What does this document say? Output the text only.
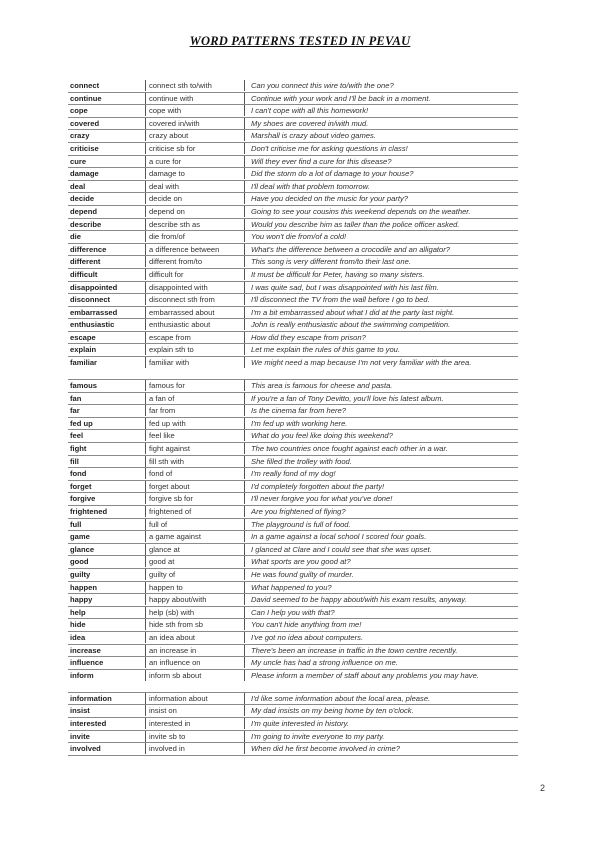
WORD PATTERNS TESTED IN PEVAU
connect	connect sth to/with	Can you connect this wire to/with the one?
continue	continue with	Continue with your work and I'll be back in a moment.
cope	cope with	I can't cope with all this homework!
covered	covered in/with	My shoes are covered in/with mud.
crazy	crazy about	Marshall is crazy about video games.
criticise	criticise sb for	Don't criticise me for asking questions in class!
cure	a cure for	Will they ever find a cure for this disease?
damage	damage to	Did the storm do a lot of damage to your house?
deal	deal with	I'll deal with that problem tomorrow.
decide	decide on	Have you decided on the music for your party?
depend	depend on	Going to see your cousins this weekend depends on the weather.
describe	describe sth as	Would you describe him as taller than the police officer asked.
die	die from/of	You won't die from/of a cold!
difference	a difference between	What's the difference between a crocodile and an alligator?
different	different from/to	This song is very different from/to their last one.
difficult	difficult for	It must be difficult for Peter, having so many sisters.
disappointed	disappointed with	I was quite sad, but I was disappointed with his last film.
disconnect	disconnect sth from	I'll disconnect the TV from the wall before I go to bed.
embarrassed	embarrassed about	I'm a bit embarrassed about what I did at the party last night.
enthusiastic	enthusiastic about	John is really enthusiastic about the swimming competition.
escape	escape from	How did they escape from prison?
explain	explain sth to	Let me explain the rules of this game to you.
familiar	familiar with	We might need a map because I'm not very familiar with the area.
famous	famous for	This area is famous for cheese and pasta.
fan	a fan of	If you're a fan of Tony Devitto, you'll love his latest album.
far	far from	Is the cinema far from here?
fed up	fed up with	I'm fed up with working here.
feel	feel like	What do you feel like doing this weekend?
fight	fight against	The two countries once fought against each other in a war.
fill	fill sth with	She filled the trolley with food.
fond	fond of	I'm really fond of my dog!
forget	forget about	I'd completely forgotten about the party!
forgive	forgive sb for	I'll never forgive you for what you've done!
frightened	frightened of	Are you frightened of flying?
full	full of	The playground is full of food.
game	a game against	In a game against a local school I scored four goals.
glance	glance at	I glanced at Clare and I could see that she was upset.
good	good at	What sports are you good at?
guilty	guilty of	He was found guilty of murder.
happen	happen to	What happened to you?
happy	happy about/with	David seemed to be happy about/with his exam results, anyway.
help	help (sb) with	Can I help you with that?
hide	hide sth from sb	You can't hide anything from me!
idea	an idea about	I've got no idea about computers.
increase	an increase in	There's been an increase in traffic in the town centre recently.
influence	an influence on	My uncle has had a strong influence on me.
inform	inform sb about	Please inform a member of staff about any problems you may have.
information	information about	I'd like some information about the local area, please.
insist	insist on	My dad insists on my being home by ten o'clock.
interested	interested in	I'm quite interested in history.
invite	invite sb to	I'm going to invite everyone to my party.
involved	involved in	When did he first become involved in crime?
2
